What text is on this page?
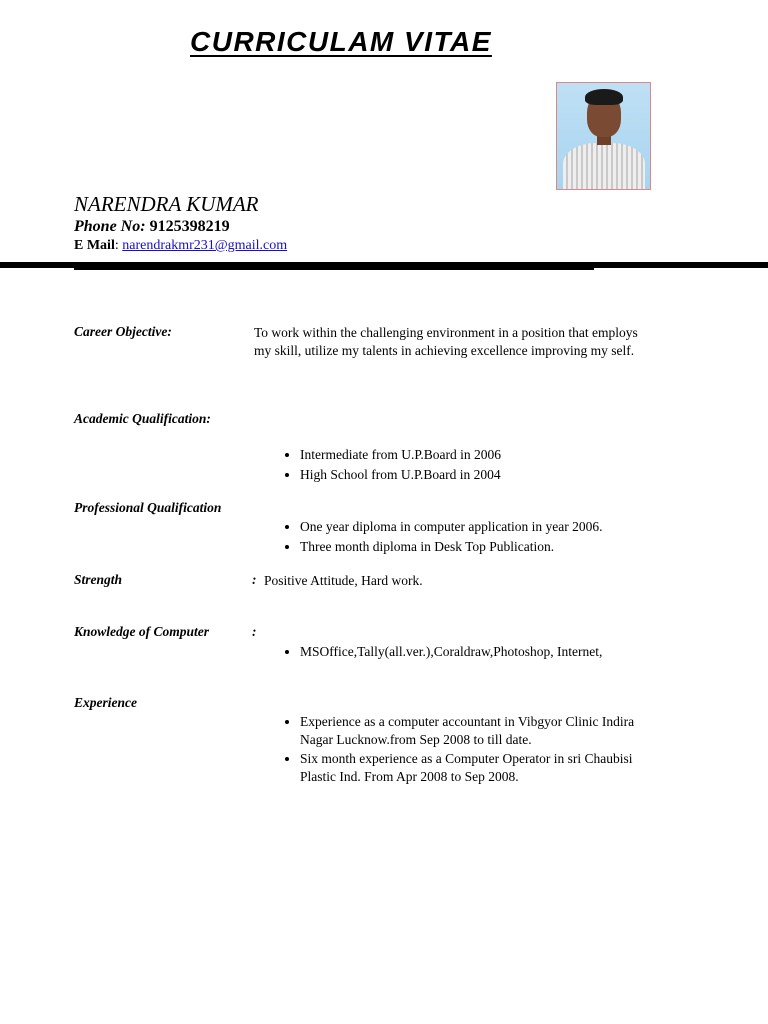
CURRICULAM VITAE
NARENDRA KUMAR
Phone No: 9125398219
E Mail: narendrakmr231@gmail.com
Career Objective:	To work within the challenging environment in a position that employs my skill, utilize my talents in achieving excellence improving my self.
Academic Qualification:
• Intermediate from U.P.Board in 2006
• High School from U.P.Board in 2004
Professional Qualification
• One year diploma in computer application in year 2006.
• Three month diploma in Desk Top Publication.
Strength	: Positive Attitude, Hard work.
Knowledge of Computer	:
• MSOffice,Tally(all.ver.),Coraldraw,Photoshop, Internet,
Experience
• Experience as a computer accountant in Vibgyor Clinic Indira Nagar Lucknow.from Sep 2008 to till date.
• Six month experience as a Computer Operator in sri Chaubisi Plastic Ind. From Apr 2008 to Sep 2008.
